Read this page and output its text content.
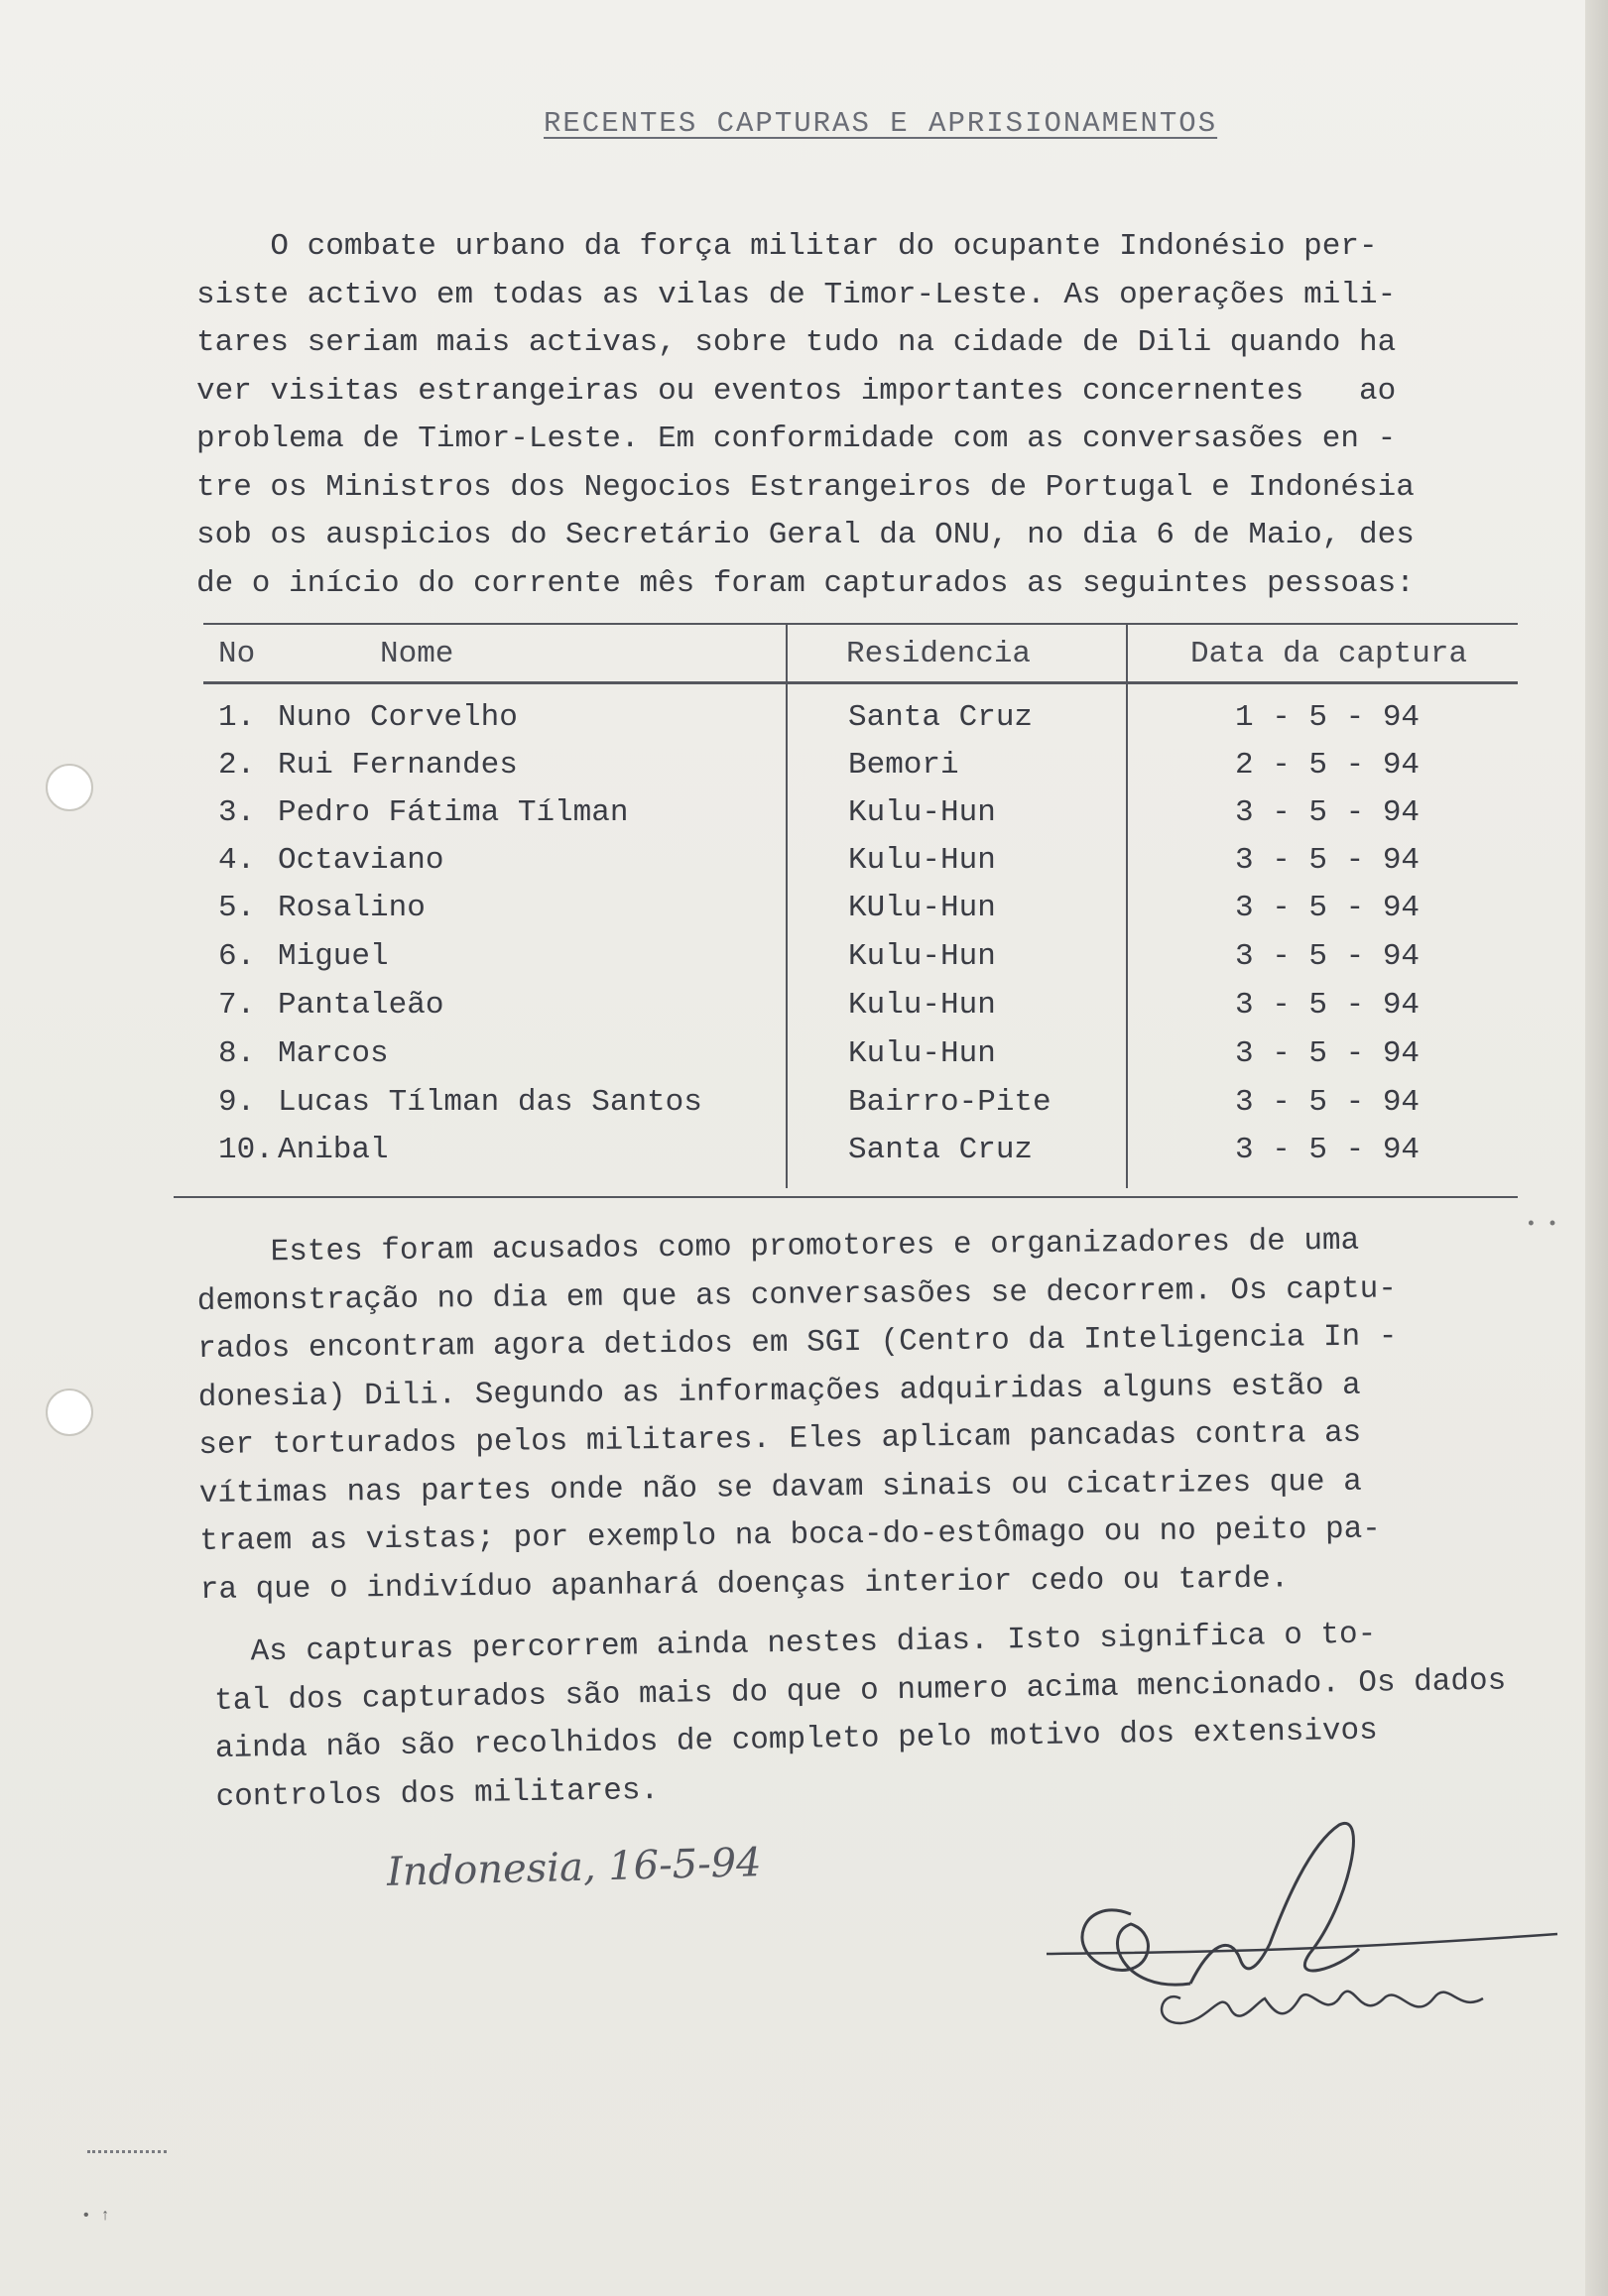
RECENTES CAPTURAS E APRISIONAMENTOS
O combate urbano da força militar do ocupante Indonésio per-
siste activo em todas as vilas de Timor-Leste. As operações mili-
tares seriam mais activas, sobre tudo na cidade de Dili quando ha
ver visitas estrangeiras ou eventos importantes concernentes   ao
problema de Timor-Leste. Em conformidade com as conversasões en -
tre os Ministros dos Negocios Estrangeiros de Portugal e Indonésia
sob os auspicios do Secretário Geral da ONU, no dia 6 de Maio, des
de o início do corrente mês foram capturados as seguintes pessoas:
No	Nome	Residencia	Data da captura
1. Nuno Corvelho	Santa Cruz	1 - 5 - 94
2. Rui Fernandes	Bemori	2 - 5 - 94
3. Pedro Fátima Tílman	Kulu-Hun	3 - 5 - 94
4. Octaviano	Kulu-Hun	3 - 5 - 94
5. Rosalino	KUlu-Hun	3 - 5 - 94
6. Miguel	Kulu-Hun	3 - 5 - 94
7. Pantaleão	Kulu-Hun	3 - 5 - 94
8. Marcos	Kulu-Hun	3 - 5 - 94
9. Lucas Tílman das Santos	Bairro-Pite	3 - 5 - 94
10. Anibal	Santa Cruz	3 - 5 - 94
• •
Estes foram acusados como promotores e organizadores de uma
demonstração no dia em que as conversasões se decorrem. Os captu-
rados encontram agora detidos em SGI (Centro da Inteligencia In -
donesia) Dili. Segundo as informações adquiridas alguns estão a
ser torturados pelos militares. Eles aplicam pancadas contra as
vítimas nas partes onde não se davam sinais ou cicatrizes que a
traem as vistas; por exemplo na boca-do-estômago ou no peito pa-
ra que o indivíduo apanhará doenças interior cedo ou tarde.
As capturas percorrem ainda nestes dias. Isto significa o to-
tal dos capturados são mais do que o numero acima mencionado. Os dados
ainda não são recolhidos de completo pelo motivo dos extensivos
controlos dos militares.
Indonesia, 16-5-94
• ↑
